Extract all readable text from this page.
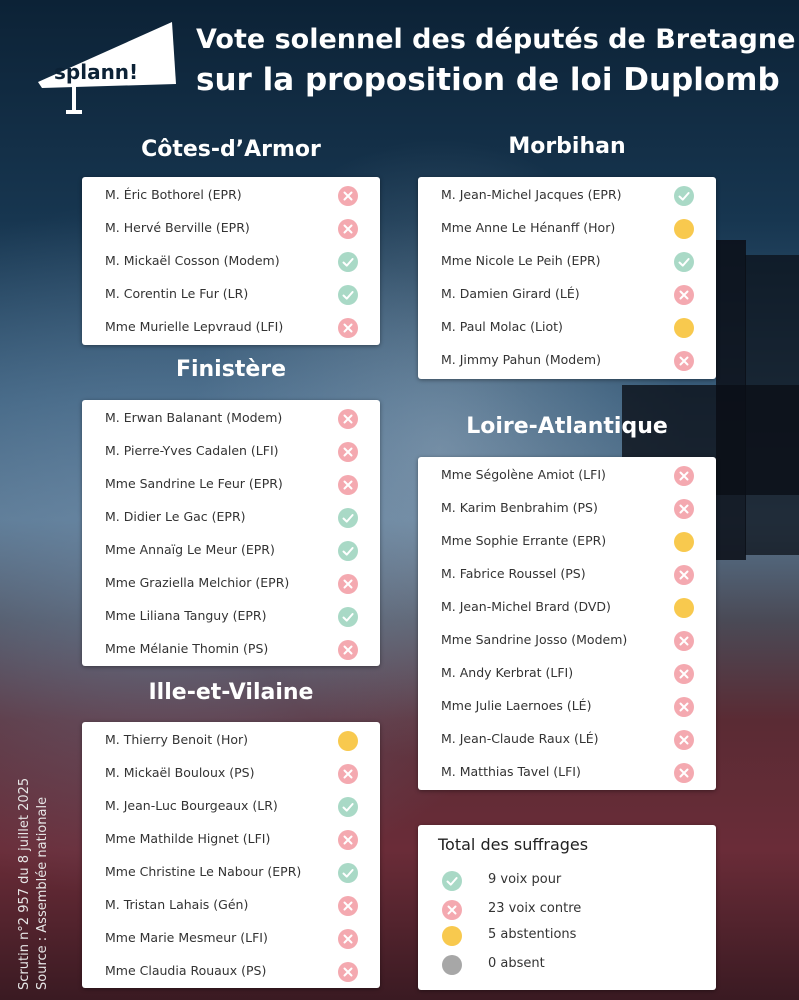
splann!
Vote solennel des députés de Bretagne
sur la proposition de loi Duplomb
Côtes-d’Armor
Finistère
Ille-et-Vilaine
Morbihan
Loire-Atlantique
M. Éric Bothorel (EPR)
M. Hervé Berville (EPR)
M. Mickaël Cosson (Modem)
M. Corentin Le Fur (LR)
Mme Murielle Lepvraud (LFI)
M. Erwan Balanant (Modem)
M. Pierre-Yves Cadalen (LFI)
Mme Sandrine Le Feur (EPR)
M. Didier Le Gac (EPR)
Mme Annaïg Le Meur (EPR)
Mme Graziella Melchior (EPR)
Mme Liliana Tanguy (EPR)
Mme Mélanie Thomin (PS)
M. Thierry Benoit (Hor)
M. Mickaël Bouloux (PS)
M. Jean-Luc Bourgeaux (LR)
Mme Mathilde Hignet (LFI)
Mme Christine Le Nabour (EPR)
M. Tristan Lahais (Gén)
Mme Marie Mesmeur (LFI)
Mme Claudia Rouaux (PS)
M. Jean-Michel Jacques (EPR)
Mme Anne Le Hénanff (Hor)
Mme Nicole Le Peih (EPR)
M. Damien Girard (LÉ)
M. Paul Molac (Liot)
M. Jimmy Pahun (Modem)
Mme Ségolène Amiot (LFI)
M. Karim Benbrahim (PS)
Mme Sophie Errante (EPR)
M. Fabrice Roussel (PS)
M. Jean-Michel Brard (DVD)
Mme Sandrine Josso (Modem)
M. Andy Kerbrat (LFI)
Mme Julie Laernoes (LÉ)
M. Jean-Claude Raux (LÉ)
M. Matthias Tavel (LFI)
Total des suffrages
9 voix pour
23 voix contre
5 abstentions
0 absent
Scrutin n°2 957 du 8 juillet 2025 Source : Assemblée nationale
